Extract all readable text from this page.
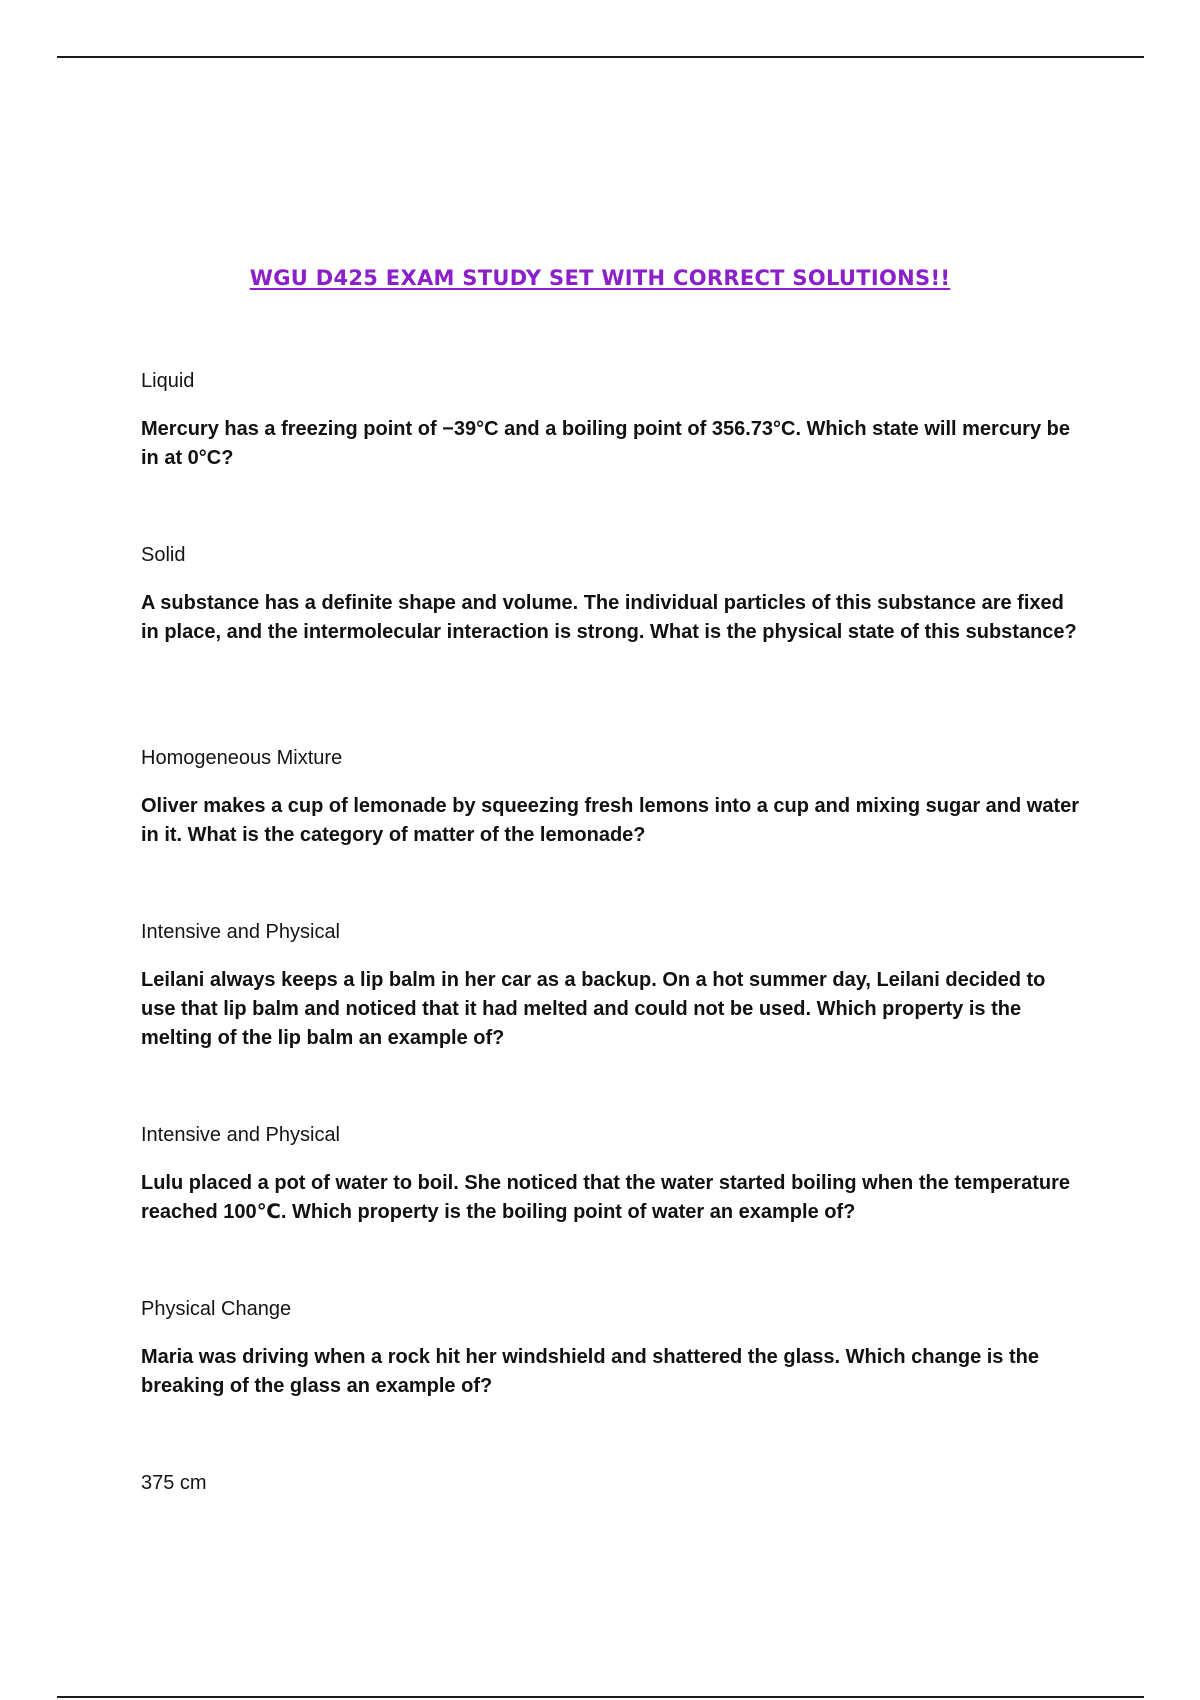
WGU D425 EXAM STUDY SET WITH CORRECT SOLUTIONS!!

Liquid

Mercury has a freezing point of −39°C and a boiling point of 356.73°C. Which state will mercury be in at 0°C?

Solid

A substance has a definite shape and volume. The individual particles of this substance are fixed in place, and the intermolecular interaction is strong. What is the physical state of this substance?

Homogeneous Mixture

Oliver makes a cup of lemonade by squeezing fresh lemons into a cup and mixing sugar and water in it. What is the category of matter of the lemonade?

Intensive and Physical

Leilani always keeps a lip balm in her car as a backup. On a hot summer day, Leilani decided to use that lip balm and noticed that it had melted and could not be used. Which property is the melting of the lip balm an example of?

Intensive and Physical

Lulu placed a pot of water to boil. She noticed that the water started boiling when the temperature reached 100℃. Which property is the boiling point of water an example of?

Physical Change

Maria was driving when a rock hit her windshield and shattered the glass. Which change is the breaking of the glass an example of?

375 cm
